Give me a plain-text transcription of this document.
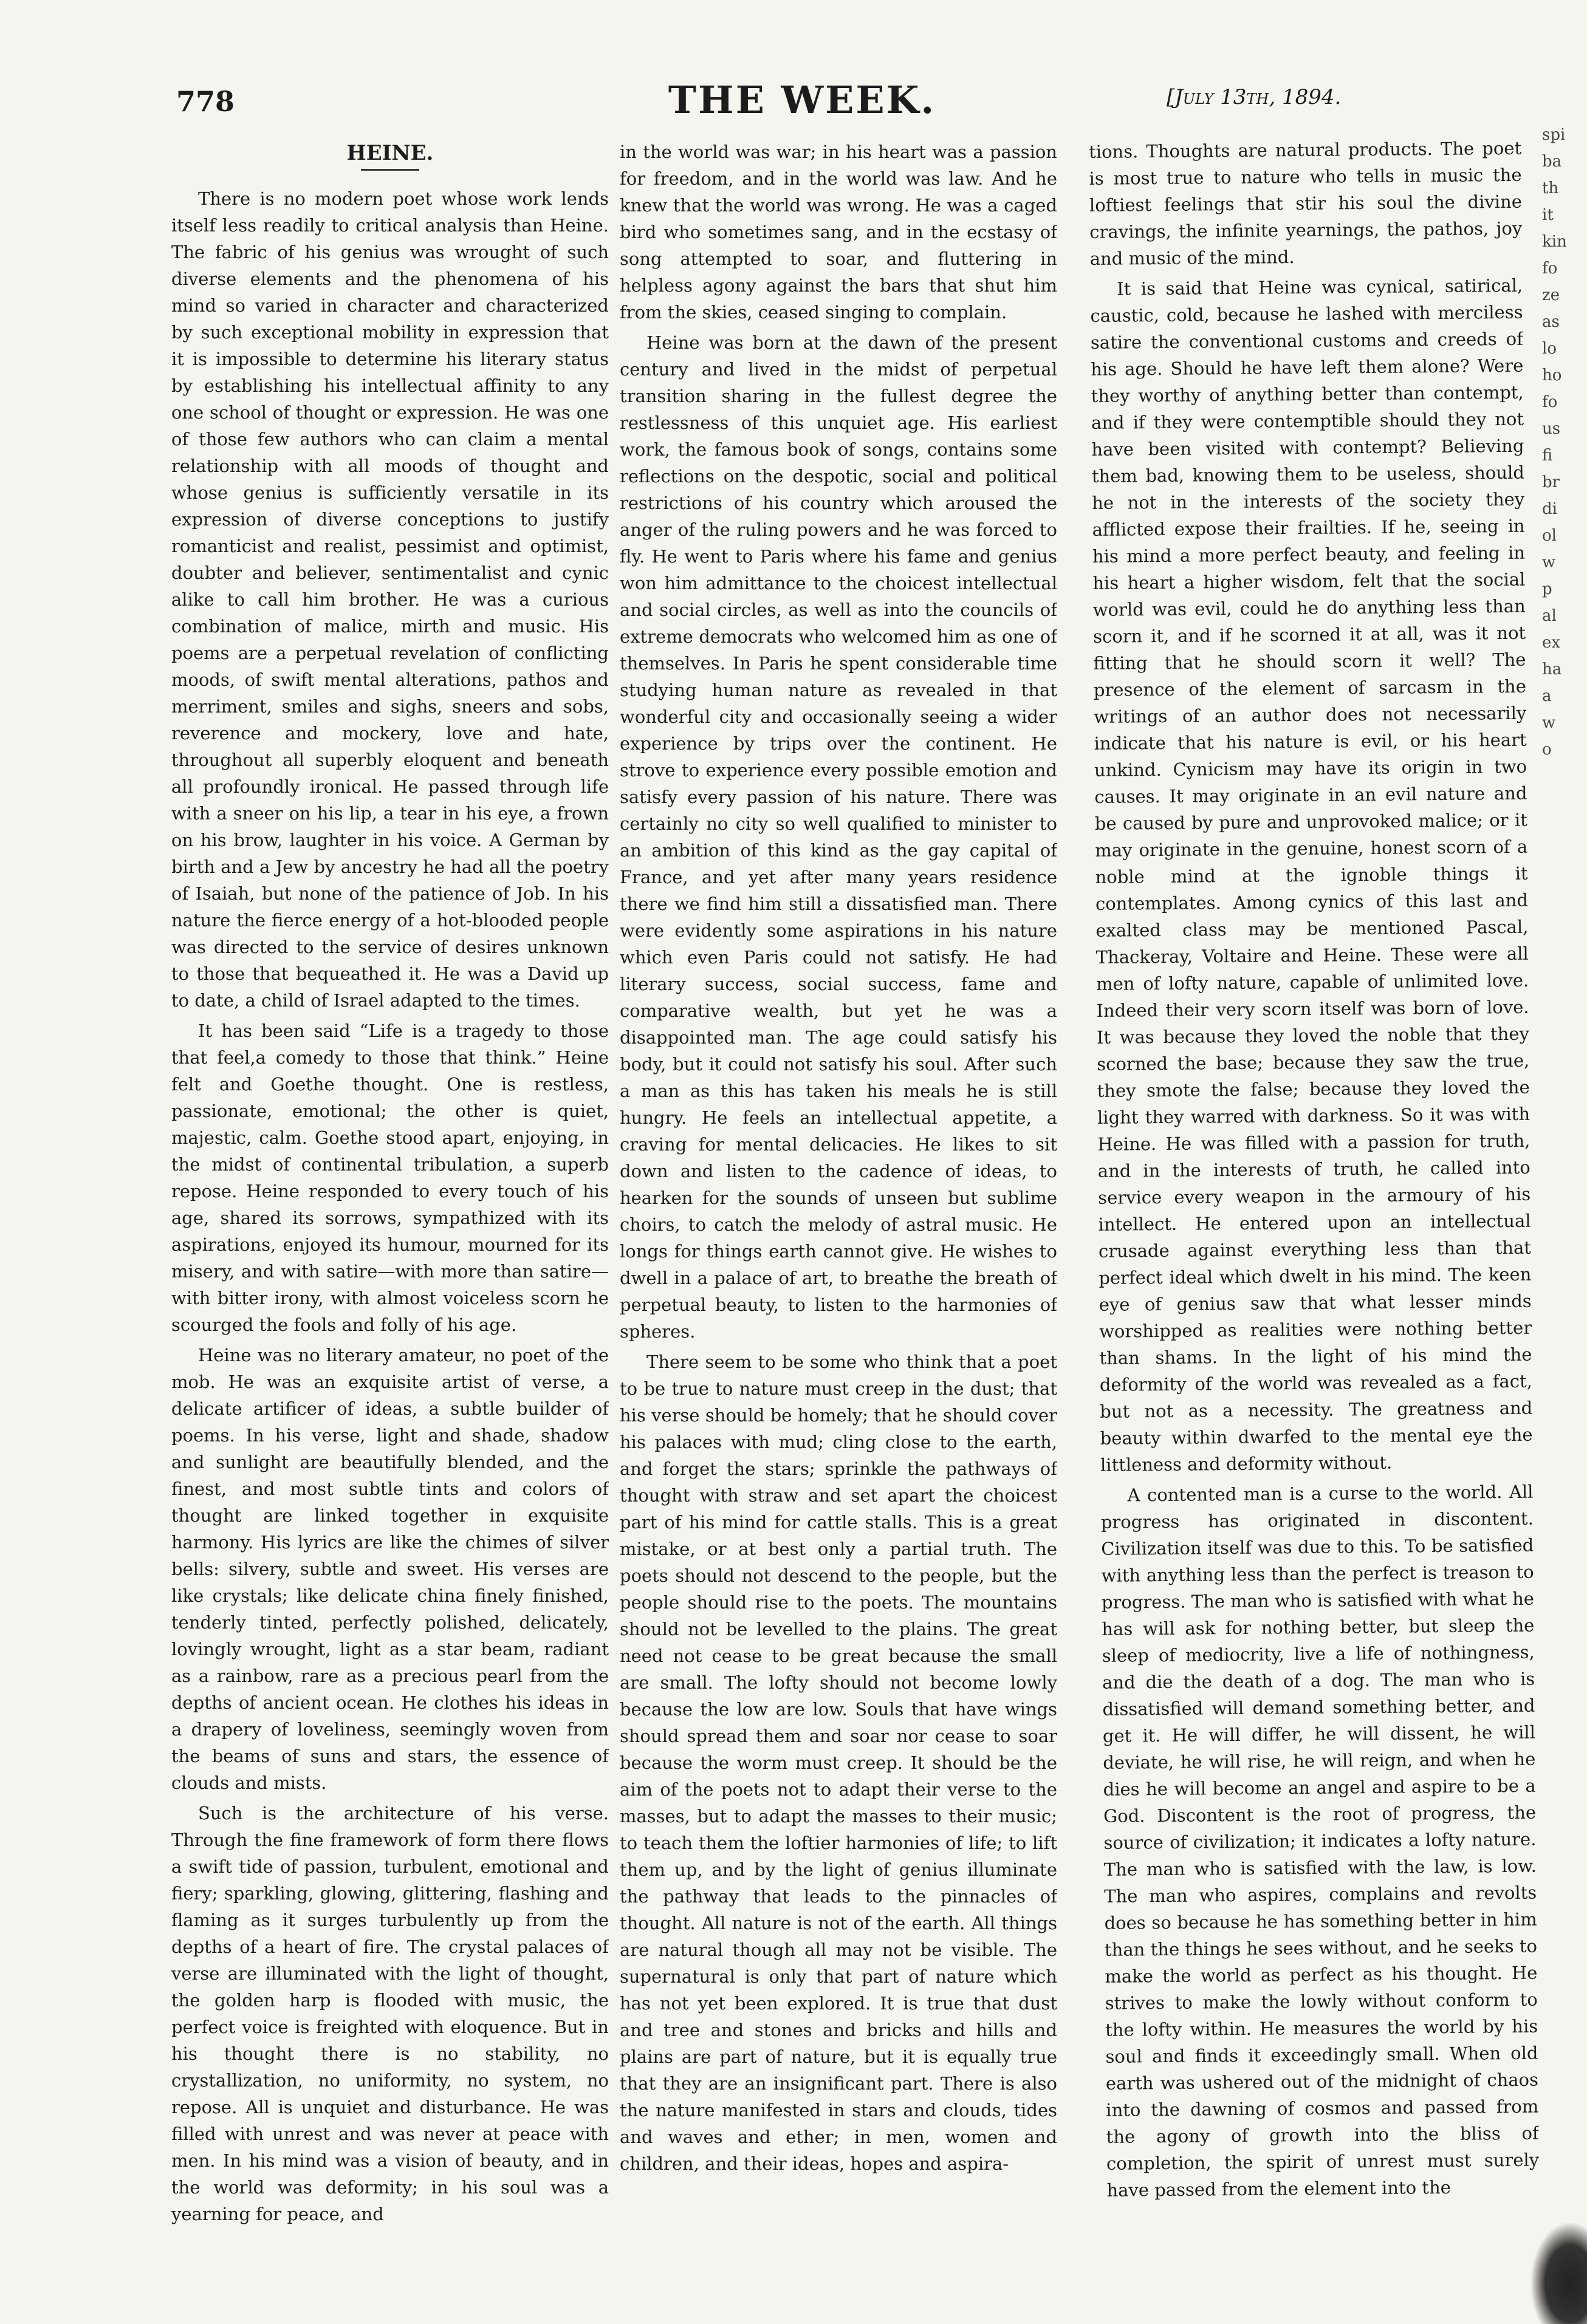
778	THE WEEK.	[July 13th, 1894.
HEINE.

There is no modern poet whose work lends itself less readily to critical analysis than Heine. The fabric of his genius was wrought of such diverse elements and the phenomena of his mind so varied in character and characterized by such exceptional mobility in expression that it is impossible to determine his literary status by establishing his intellectual affinity to any one school of thought or expression. He was one of those few authors who can claim a mental relationship with all moods of thought and whose genius is sufficiently versatile in its expression of diverse conceptions to justify romanticist and realist, pessimist and optimist, doubter and believer, sentimentalist and cynic alike to call him brother. He was a curious combination of malice, mirth and music. His poems are a perpetual revelation of conflicting moods, of swift mental alterations, pathos and merriment, smiles and sighs, sneers and sobs, reverence and mockery, love and hate, throughout all superbly eloquent and beneath all profoundly ironical. He passed through life with a sneer on his lip, a tear in his eye, a frown on his brow, laughter in his voice. A German by birth and a Jew by ancestry he had all the poetry of Isaiah, but none of the patience of Job. In his nature the fierce energy of a hot-blooded people was directed to the service of desires unknown to those that bequeathed it. He was a David up to date, a child of Israel adapted to the times.

It has been said “Life is a tragedy to those that feel,a comedy to those that think.” Heine felt and Goethe thought. One is restless, passionate, emotional; the other is quiet, majestic, calm. Goethe stood apart, enjoying, in the midst of continental tribulation, a superb repose. Heine responded to every touch of his age, shared its sorrows, sympathized with its aspirations, enjoyed its humour, mourned for its misery, and with satire—with more than satire—with bitter irony, with almost voiceless scorn he scourged the fools and folly of his age.

Heine was no literary amateur, no poet of the mob. He was an exquisite artist of verse, a delicate artificer of ideas, a subtle builder of poems. In his verse, light and shade, shadow and sunlight are beautifully blended, and the finest, and most subtle tints and colors of thought are linked together in exquisite harmony. His lyrics are like the chimes of silver bells: silvery, subtle and sweet. His verses are like crystals; like delicate china finely finished, tenderly tinted, perfectly polished, delicately, lovingly wrought, light as a star beam, radiant as a rainbow, rare as a precious pearl from the depths of ancient ocean. He clothes his ideas in a drapery of loveliness, seemingly woven from the beams of suns and stars, the essence of clouds and mists.

Such is the architecture of his verse. Through the fine framework of form there flows a swift tide of passion, turbulent, emotional and fiery; sparkling, glowing, glittering, flashing and flaming as it surges turbulently up from the depths of a heart of fire. The crystal palaces of verse are illuminated with the light of thought, the golden harp is flooded with music, the perfect voice is freighted with eloquence. But in his thought there is no stability, no crystallization, no uniformity, no system, no repose. All is unquiet and disturbance. He was filled with unrest and was never at peace with men. In his mind was a vision of beauty, and in the world was deformity; in his soul was a yearning for peace, and

in the world was war; in his heart was a passion for freedom, and in the world was law. And he knew that the world was wrong. He was a caged bird who sometimes sang, and in the ecstasy of song attempted to soar, and fluttering in helpless agony against the bars that shut him from the skies, ceased singing to complain.

Heine was born at the dawn of the present century and lived in the midst of perpetual transition sharing in the fullest degree the restlessness of this unquiet age. His earliest work, the famous book of songs, contains some reflections on the despotic, social and political restrictions of his country which aroused the anger of the ruling powers and he was forced to fly. He went to Paris where his fame and genius won him admittance to the choicest intellectual and social circles, as well as into the councils of extreme democrats who welcomed him as one of themselves. In Paris he spent considerable time studying human nature as revealed in that wonderful city and occasionally seeing a wider experience by trips over the continent. He strove to experience every possible emotion and satisfy every passion of his nature. There was certainly no city so well qualified to minister to an ambition of this kind as the gay capital of France, and yet after many years residence there we find him still a dissatisfied man. There were evidently some aspirations in his nature which even Paris could not satisfy. He had literary success, social success, fame and comparative wealth, but yet he was a disappointed man. The age could satisfy his body, but it could not satisfy his soul. After such a man as this has taken his meals he is still hungry. He feels an intellectual appetite, a craving for mental delicacies. He likes to sit down and listen to the cadence of ideas, to hearken for the sounds of unseen but sublime choirs, to catch the melody of astral music. He longs for things earth cannot give. He wishes to dwell in a palace of art, to breathe the breath of perpetual beauty, to listen to the harmonies of spheres.

There seem to be some who think that a poet to be true to nature must creep in the dust; that his verse should be homely; that he should cover his palaces with mud; cling close to the earth, and forget the stars; sprinkle the pathways of thought with straw and set apart the choicest part of his mind for cattle stalls. This is a great mistake, or at best only a partial truth. The poets should not descend to the people, but the people should rise to the poets. The mountains should not be levelled to the plains. The great need not cease to be great because the small are small. The lofty should not become lowly because the low are low. Souls that have wings should spread them and soar nor cease to soar because the worm must creep. It should be the aim of the poets not to adapt their verse to the masses, but to adapt the masses to their music; to teach them the loftier harmonies of life; to lift them up, and by the light of genius illuminate the pathway that leads to the pinnacles of thought. All nature is not of the earth. All things are natural though all may not be visible. The supernatural is only that part of nature which has not yet been explored. It is true that dust and tree and stones and bricks and hills and plains are part of nature, but it is equally true that they are an insignificant part. There is also the nature manifested in stars and clouds, tides and waves and ether; in men, women and children, and their ideas, hopes and aspira-

tions. Thoughts are natural products. The poet is most true to nature who tells in music the loftiest feelings that stir his soul the divine cravings, the infinite yearnings, the pathos, joy and music of the mind.

It is said that Heine was cynical, satirical, caustic, cold, because he lashed with merciless satire the conventional customs and creeds of his age. Should he have left them alone? Were they worthy of anything better than contempt, and if they were contemptible should they not have been visited with contempt? Believing them bad, knowing them to be useless, should he not in the interests of the society they afflicted expose their frailties. If he, seeing in his mind a more perfect beauty, and feeling in his heart a higher wisdom, felt that the social world was evil, could he do anything less than scorn it, and if he scorned it at all, was it not fitting that he should scorn it well? The presence of the element of sarcasm in the writings of an author does not necessarily indicate that his nature is evil, or his heart unkind. Cynicism may have its origin in two causes. It may originate in an evil nature and be caused by pure and unprovoked malice; or it may originate in the genuine, honest scorn of a noble mind at the ignoble things it contemplates. Among cynics of this last and exalted class may be mentioned Pascal, Thackeray, Voltaire and Heine. These were all men of lofty nature, capable of unlimited love. Indeed their very scorn itself was born of love. It was because they loved the noble that they scorned the base; because they saw the true, they smote the false; because they loved the light they warred with darkness. So it was with Heine. He was filled with a passion for truth, and in the interests of truth, he called into service every weapon in the armoury of his intellect. He entered upon an intellectual crusade against everything less than that perfect ideal which dwelt in his mind. The keen eye of genius saw that what lesser minds worshipped as realities were nothing better than shams. In the light of his mind the deformity of the world was revealed as a fact, but not as a necessity. The greatness and beauty within dwarfed to the mental eye the littleness and deformity without.

A contented man is a curse to the world. All progress has originated in discontent. Civilization itself was due to this. To be satisfied with anything less than the perfect is treason to progress. The man who is satisfied with what he has will ask for nothing better, but sleep the sleep of mediocrity, live a life of nothingness, and die the death of a dog. The man who is dissatisfied will demand something better, and get it. He will differ, he will dissent, he will deviate, he will rise, he will reign, and when he dies he will become an angel and aspire to be a God. Discontent is the root of progress, the source of civilization; it indicates a lofty nature. The man who is satisfied with the law, is low. The man who aspires, complains and revolts does so because he has something better in him than the things he sees without, and he seeks to make the world as perfect as his thought. He strives to make the lowly without conform to the lofty within. He measures the world by his soul and finds it exceedingly small. When old earth was ushered out of the midnight of chaos into the dawning of cosmos and passed from the agony of growth into the bliss of completion, the spirit of unrest must surely have passed from the element into the

spi
ba
th
it
kin
fo
ze
as
lo
ho
fo
us
fi
br
di
ol
w
p
al
ex
ha
a
w
o
